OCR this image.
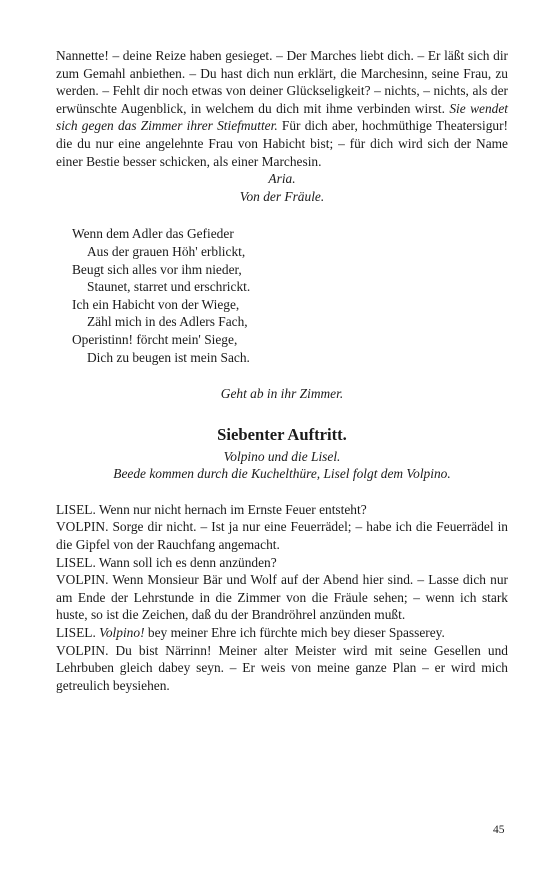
Nannette! – deine Reize haben gesieget. – Der Marches liebt dich. – Er läßt sich dir zum Gemahl anbiethen. – Du hast dich nun erklärt, die Marchesinn, seine Frau, zu werden. – Fehlt dir noch etwas von deiner Glückseligkeit? – nichts, – nichts, als der erwünschte Augenblick, in welchem du dich mit ihme verbinden wirst. Sie wendet sich gegen das Zimmer ihrer Stiefmutter. Für dich aber, hochmüthige Theatersigur! die du nur eine angelehnte Frau von Habicht bist; – für dich wird sich der Name einer Bestie besser schicken, als einer Marchesin.

Aria.

Von der Fräule.

Wenn dem Adler das Gefieder
Aus der grauen Höh' erblickt,
Beugt sich alles vor ihm nieder,
Staunet, starret und erschrickt.
Ich ein Habicht von der Wiege,
Zähl mich in des Adlers Fach,
Operistinn! förcht mein' Siege,
Dich zu beugen ist mein Sach.

Geht ab in ihr Zimmer.

Siebenter Auftritt.

Volpino und die Lisel.

Beede kommen durch die Kuchelthüre, Lisel folgt dem Volpino.

LISEL. Wenn nur nicht hernach im Ernste Feuer entsteht?

VOLPIN. Sorge dir nicht. – Ist ja nur eine Feuerrädel; – habe ich die Feuerrädel in die Gipfel von der Rauchfang angemacht.

LISEL. Wann soll ich es denn anzünden?

VOLPIN. Wenn Monsieur Bär und Wolf auf der Abend hier sind. – Lasse dich nur am Ende der Lehrstunde in die Zimmer von die Fräule sehen; – wenn ich stark huste, so ist die Zeichen, daß du der Brandröhrel anzünden mußt.

LISEL. Volpino! bey meiner Ehre ich fürchte mich bey dieser Spasserey.

VOLPIN. Du bist Närrinn! Meiner alter Meister wird mit seine Gesellen und Lehrbuben gleich dabey seyn. – Er weis von meine ganze Plan – er wird mich getreulich beysiehen.

45
